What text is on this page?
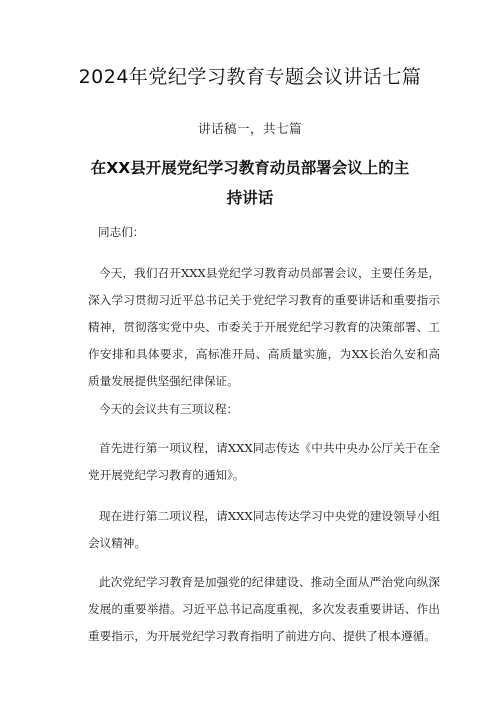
2024年党纪学习教育专题会议讲话七篇
讲话稿一，共七篇
在XX县开展党纪学习教育动员部署会议上的主
持讲话

同志们：

今天，我们召开XXX县党纪学习教育动员部署会议，主要任务是，深入学习贯彻习近平总书记关于党纪学习教育的重要讲话和重要指示精神，贯彻落实党中央、市委关于开展党纪学习教育的决策部署、工作安排和具体要求，高标准开局、高质量实施，为XX长治久安和高质量发展提供坚强纪律保证。

今天的会议共有三项议程：

首先进行第一项议程，请XXX同志传达《中共中央办公厅关于在全党开展党纪学习教育的通知》。

现在进行第二项议程，请XXX同志传达学习中央党的建设领导小组会议精神。

此次党纪学习教育是加强党的纪律建设、推动全面从严治党向纵深发展的重要举措。习近平总书记高度重视，多次发表重要讲话、作出重要指示，为开展党纪学习教育指明了前进方向、提供了根本遵循。
